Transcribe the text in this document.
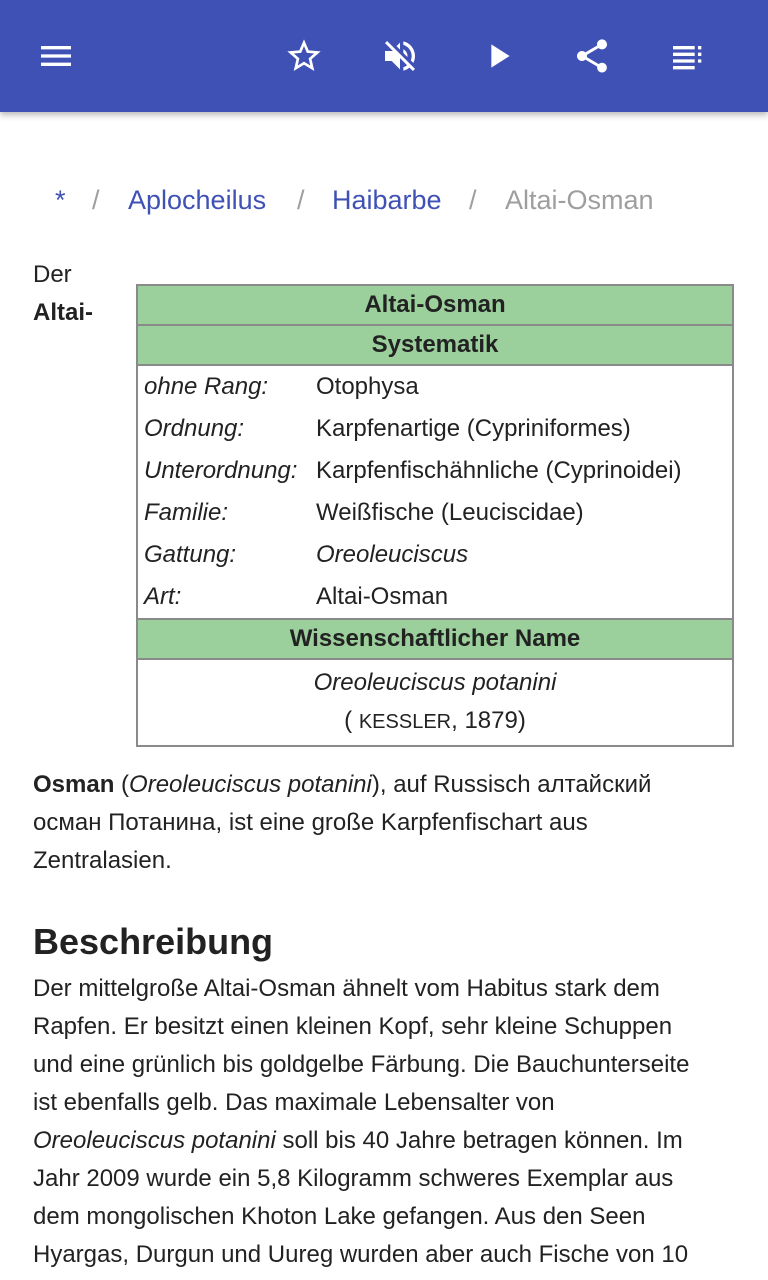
* / Aplocheilus / Haibarbe / Altai-Osman
Der
Altai-	Altai-Osman	
Systematik	
ohne Rang:	Otophysa
Ordnung:	Karpfenartige (Cypriniformes)
Unterordnung:	Karpfenfischähnliche (Cyprinoidei)
Familie:	Weißfische (Leuciscidae)
Gattung:	Oreoleuciscus
Art:	Altai-Osman
Wissenschaftlicher Name	
Oreoleuciscus potanini
( KESSLER, 1879)	
Osman (Oreoleuciscus potanini), auf Russisch алтайский
осман Потанина, ist eine große Karpfenfischart aus
Zentralasien.
Beschreibung
Der mittelgroße Altai-Osman ähnelt vom Habitus stark dem
Rapfen. Er besitzt einen kleinen Kopf, sehr kleine Schuppen
und eine grünlich bis goldgelbe Färbung. Die Bauchunterseite
ist ebenfalls gelb. Das maximale Lebensalter von
Oreoleuciscus potanini soll bis 40 Jahre betragen können. Im
Jahr 2009 wurde ein 5,8 Kilogramm schweres Exemplar aus
dem mongolischen Khoton Lake gefangen. Aus den Seen
Hyargas, Durgun und Uureg wurden aber auch Fische von 10
